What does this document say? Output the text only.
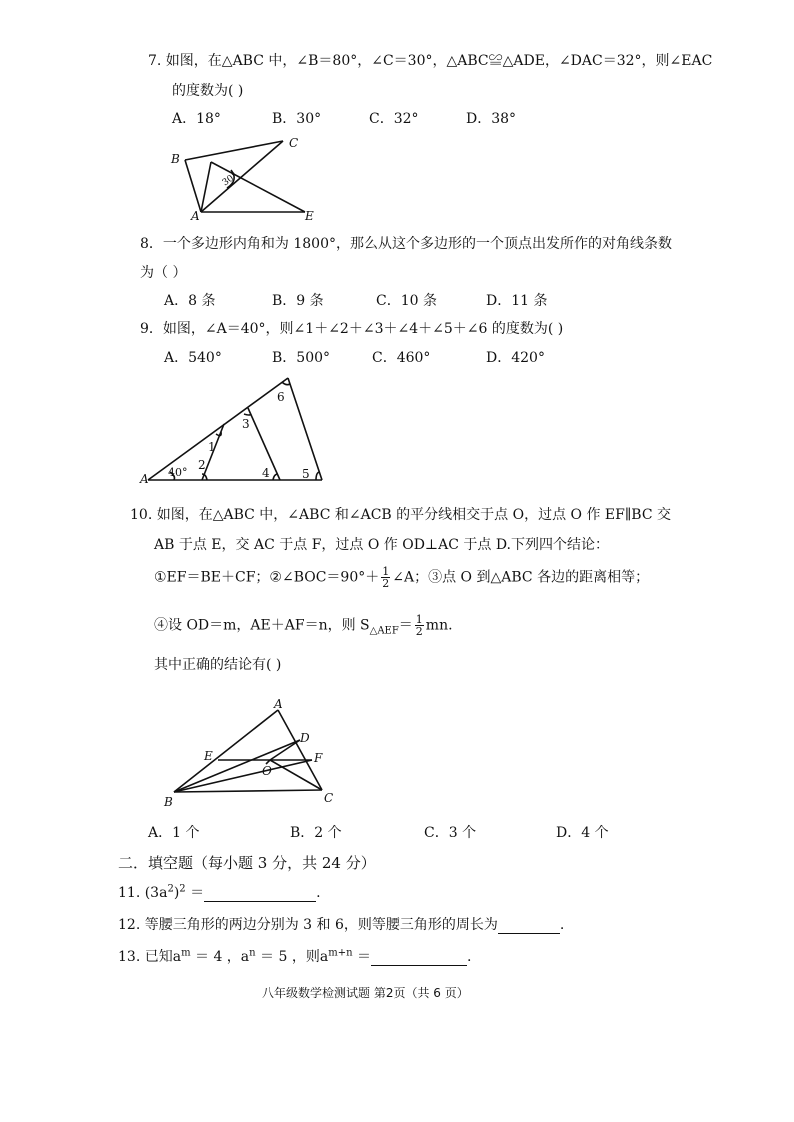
7. 如图，在△ABC 中，∠B＝80°，∠C＝30°，△ABC≌△ADE，∠DAC＝32°，则∠EAC
的度数为( )
A．18°	B．30°	C．32°	D．38°
B
C
A	E
30°
8．一个多边形内角和为 1800°，那么从这个多边形的一个顶点出发所作的对角线条数
为（ ）
A．8 条	B．9 条	C．10 条	D．11 条
9．如图，∠A＝40°，则∠1＋∠2＋∠3＋∠4＋∠5＋∠6 的度数为( )
A．540°	B．500°	C．460°	D．420°
A 40°
1
2
3
4	5
6
10. 如图，在△ABC 中，∠ABC 和∠ACB 的平分线相交于点 O，过点 O 作 EF∥BC 交
AB 于点 E，交 AC 于点 F，过点 O 作 OD⊥AC 于点 D.下列四个结论：
①EF＝BE＋CF；②∠BOC＝90°＋ $\frac{1}{2}$ ∠A；③点 O 到△ABC 各边的距离相等；
④设 OD＝m，AE＋AF＝n，则 $S_{\triangle AEF}= \frac{1}{2}$ mn.
其中正确的结论有( )
A
D
E	F
O
B	C
A．1 个	B．2 个	C．3 个	D．4 个
二．填空题（每小题 3 分，共 24 分）
11. $(3a^2)^2$ ＝	.
12. 等腰三角形的两边分别为 3 和 6，则等腰三角形的周长为	.
13. 已知$a^m = 4$ ，$a^n = 5$ ，则$a^{m+n}$ ＝	.
八年级数学检测试题 第2页（共 6 页）
